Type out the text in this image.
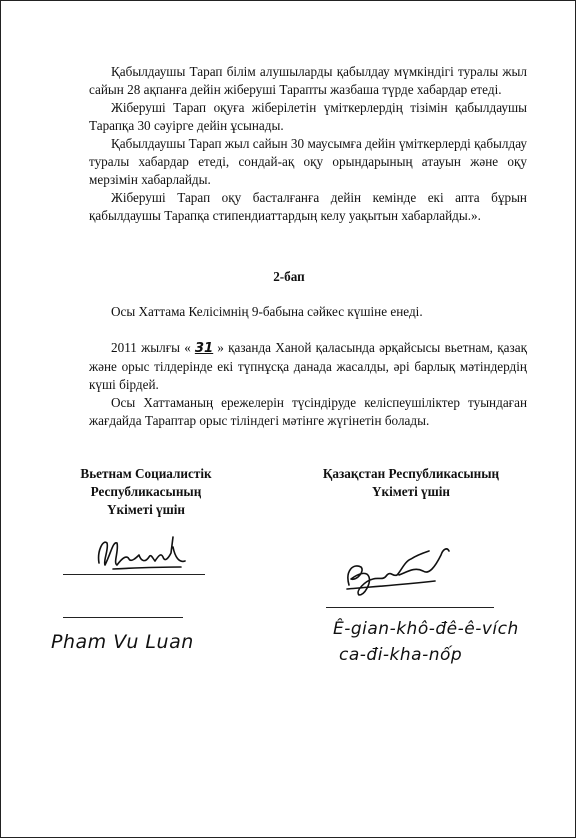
Қабылдаушы Тарап білім алушыларды қабылдау мүмкіндігі туралы жыл сайын 28 ақпанға дейін жіберуші Тарапты жазбаша түрде хабардар етеді.

Жіберуші Тарап оқуға жіберілетін үміткерлердің тізімін қабылдаушы Тарапқа 30 сәуірге дейін ұсынады.

Қабылдаушы Тарап жыл сайын 30 маусымға дейін үміткерлерді қабылдау туралы хабардар етеді, сондай-ақ оқу орындарының атауын және оқу мерзімін хабарлайды.

Жіберуші Тарап оқу басталғанға дейін кемінде екі апта бұрын қабылдаушы Тарапқа стипендиаттардың келу уақытын хабарлайды.».

2-бап

Осы Хаттама Келісімнің 9-бабына сәйкес күшіне енеді.

2011 жылғы « 31 » қазанда Ханой қаласында әрқайсысы вьетнам, қазақ және орыс тілдерінде екі түпнұсқа данада жасалды, әрі барлық мәтіндердің күші бірдей.

Осы Хаттаманың ережелерін түсіндіруде келіспеушіліктер туындаған жағдайда Тараптар орыс тіліндегі мәтінге жүгінетін болады.

Вьетнам Социалистік
Республикасының
Үкіметі үшін
Қазақстан Республикасының
Үкіметі үшін
Pham Vu Luan
Ê-gian-khô-đê-ê-vích
ca-đi-kha-nốp
